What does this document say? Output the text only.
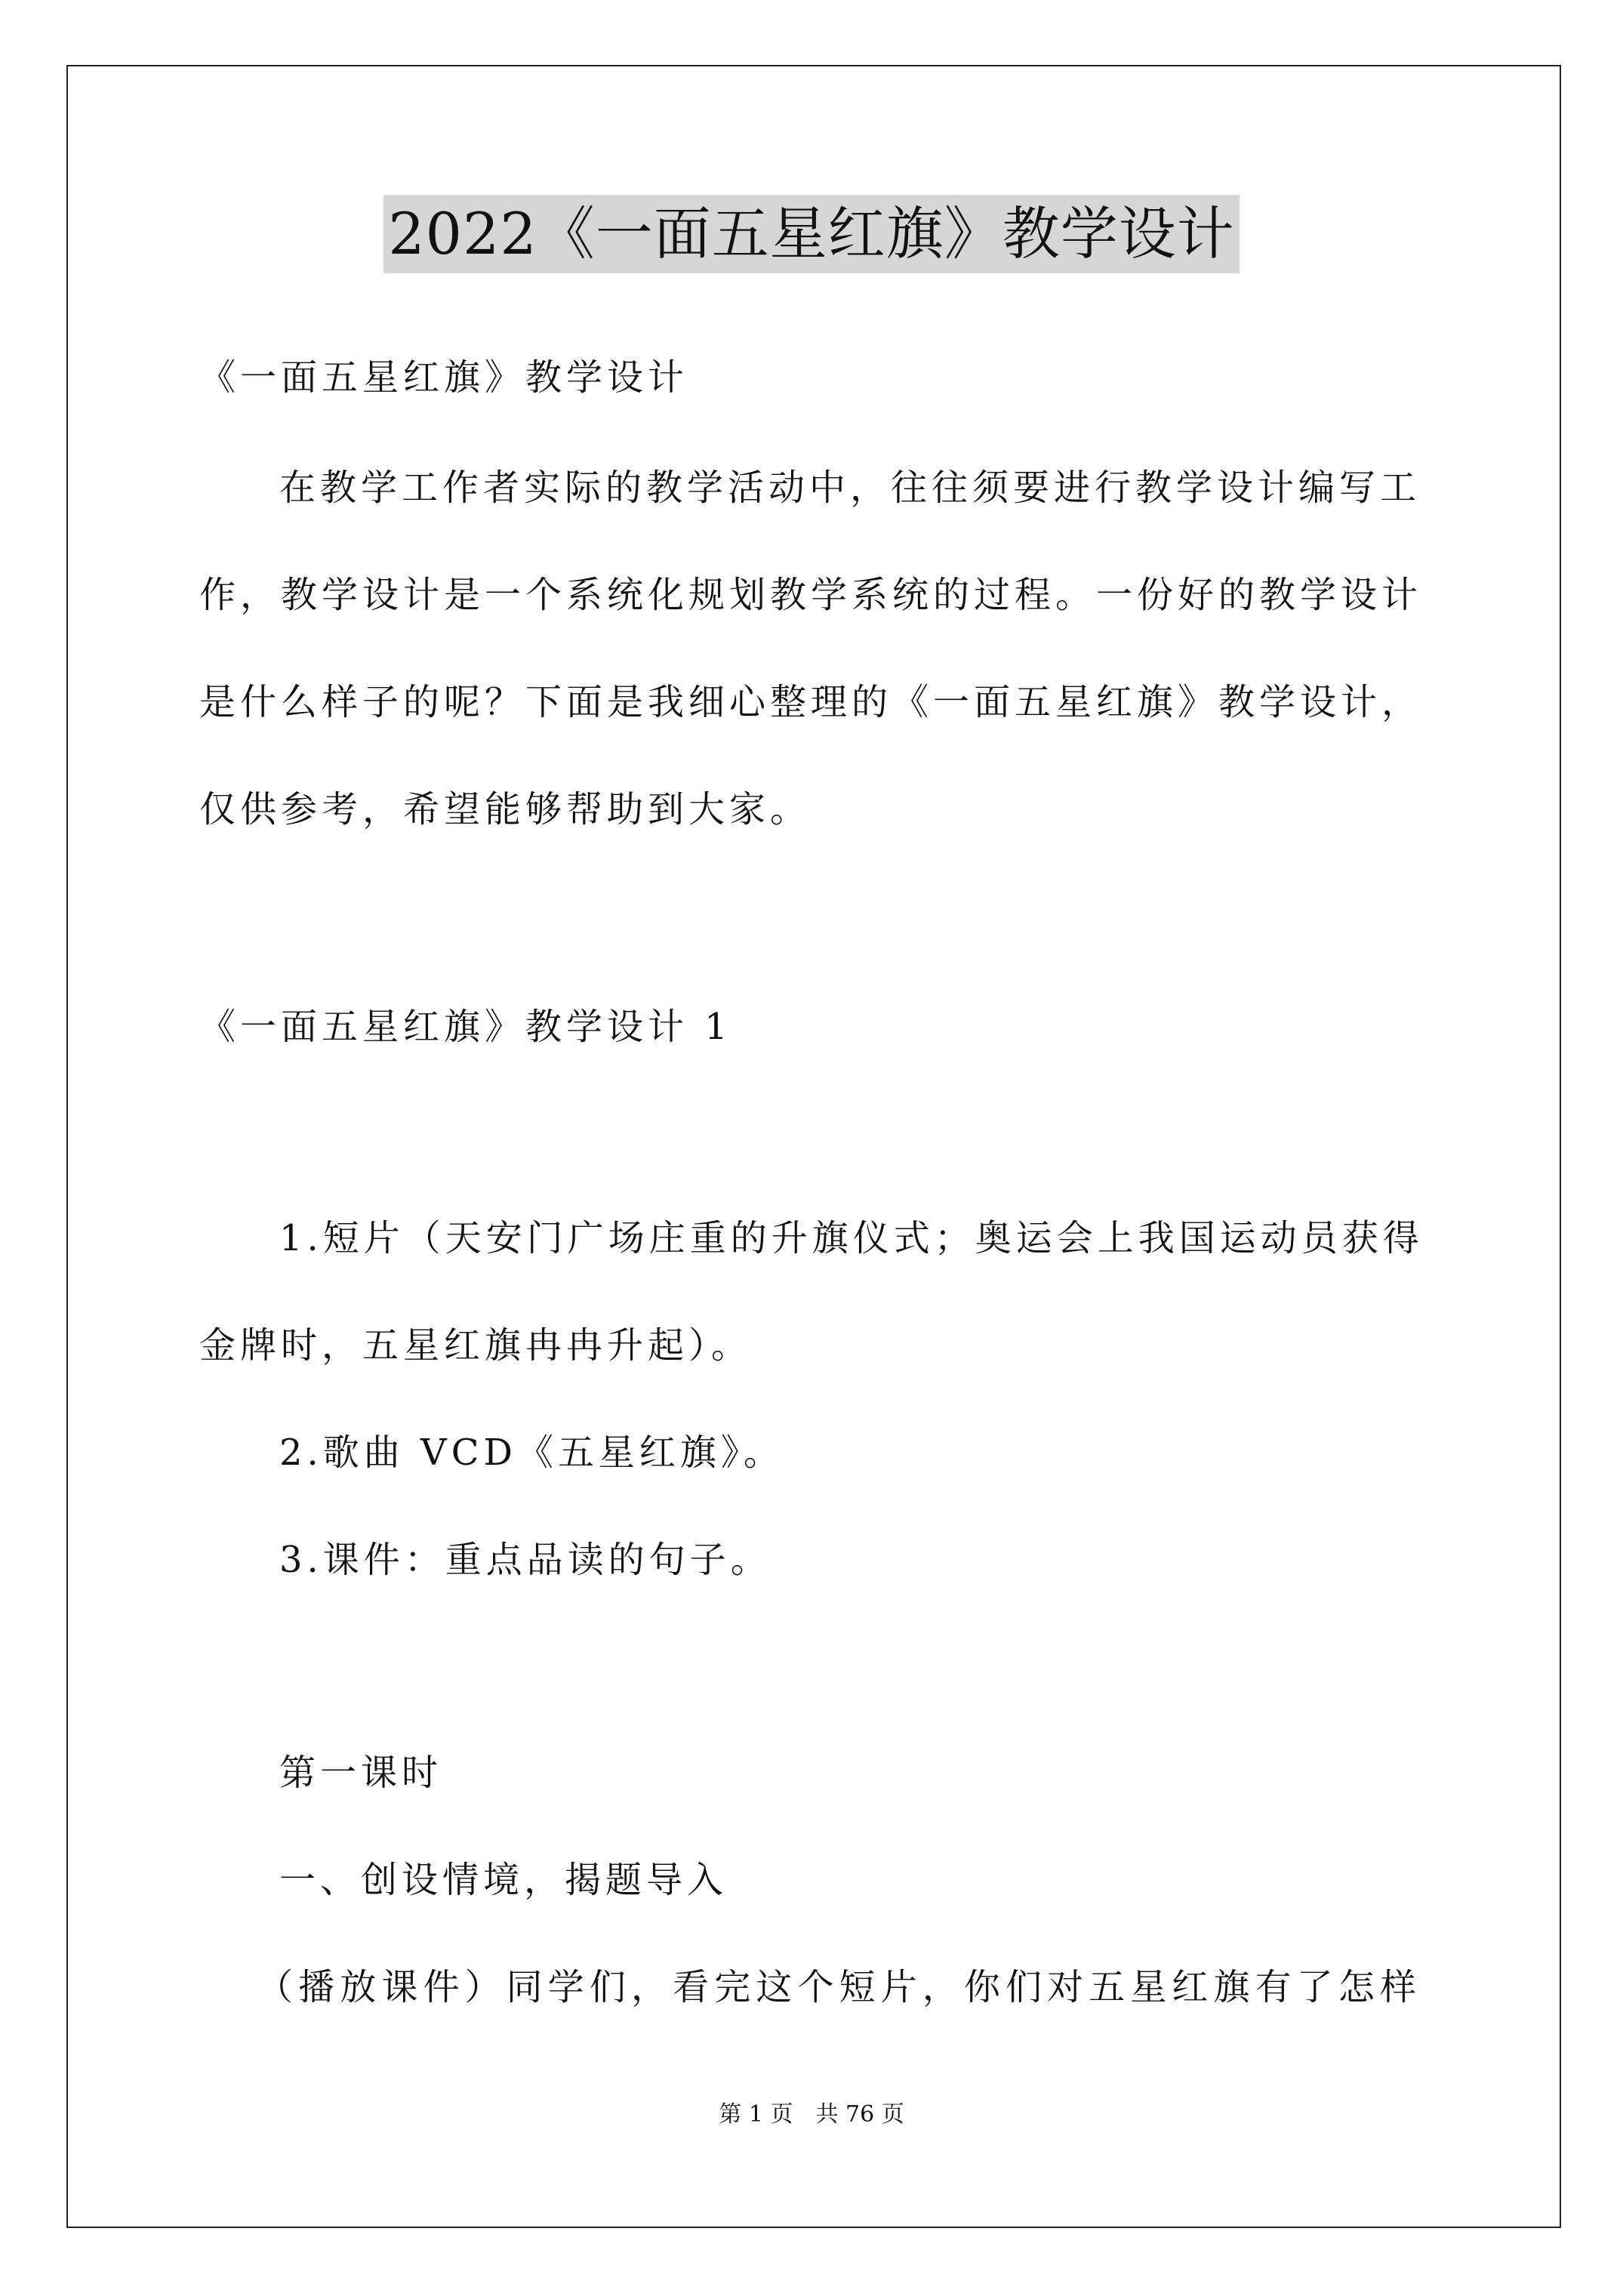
2022《一面五星红旗》教学设计
《一面五星红旗》教学设计
在教学工作者实际的教学活动中，往往须要进行教学设计编写工
作，教学设计是一个系统化规划教学系统的过程。一份好的教学设计
是什么样子的呢？下面是我细心整理的《一面五星红旗》教学设计，
仅供参考，希望能够帮助到大家。
《一面五星红旗》教学设计 1
1.短片（天安门广场庄重的升旗仪式；奥运会上我国运动员获得
金牌时，五星红旗冉冉升起）。
2.歌曲 VCD《五星红旗》。
3.课件：重点品读的句子。
第一课时
一、创设情境，揭题导入
（播放课件）同学们，看完这个短片，你们对五星红旗有了怎样
第 1 页　共 76 页
